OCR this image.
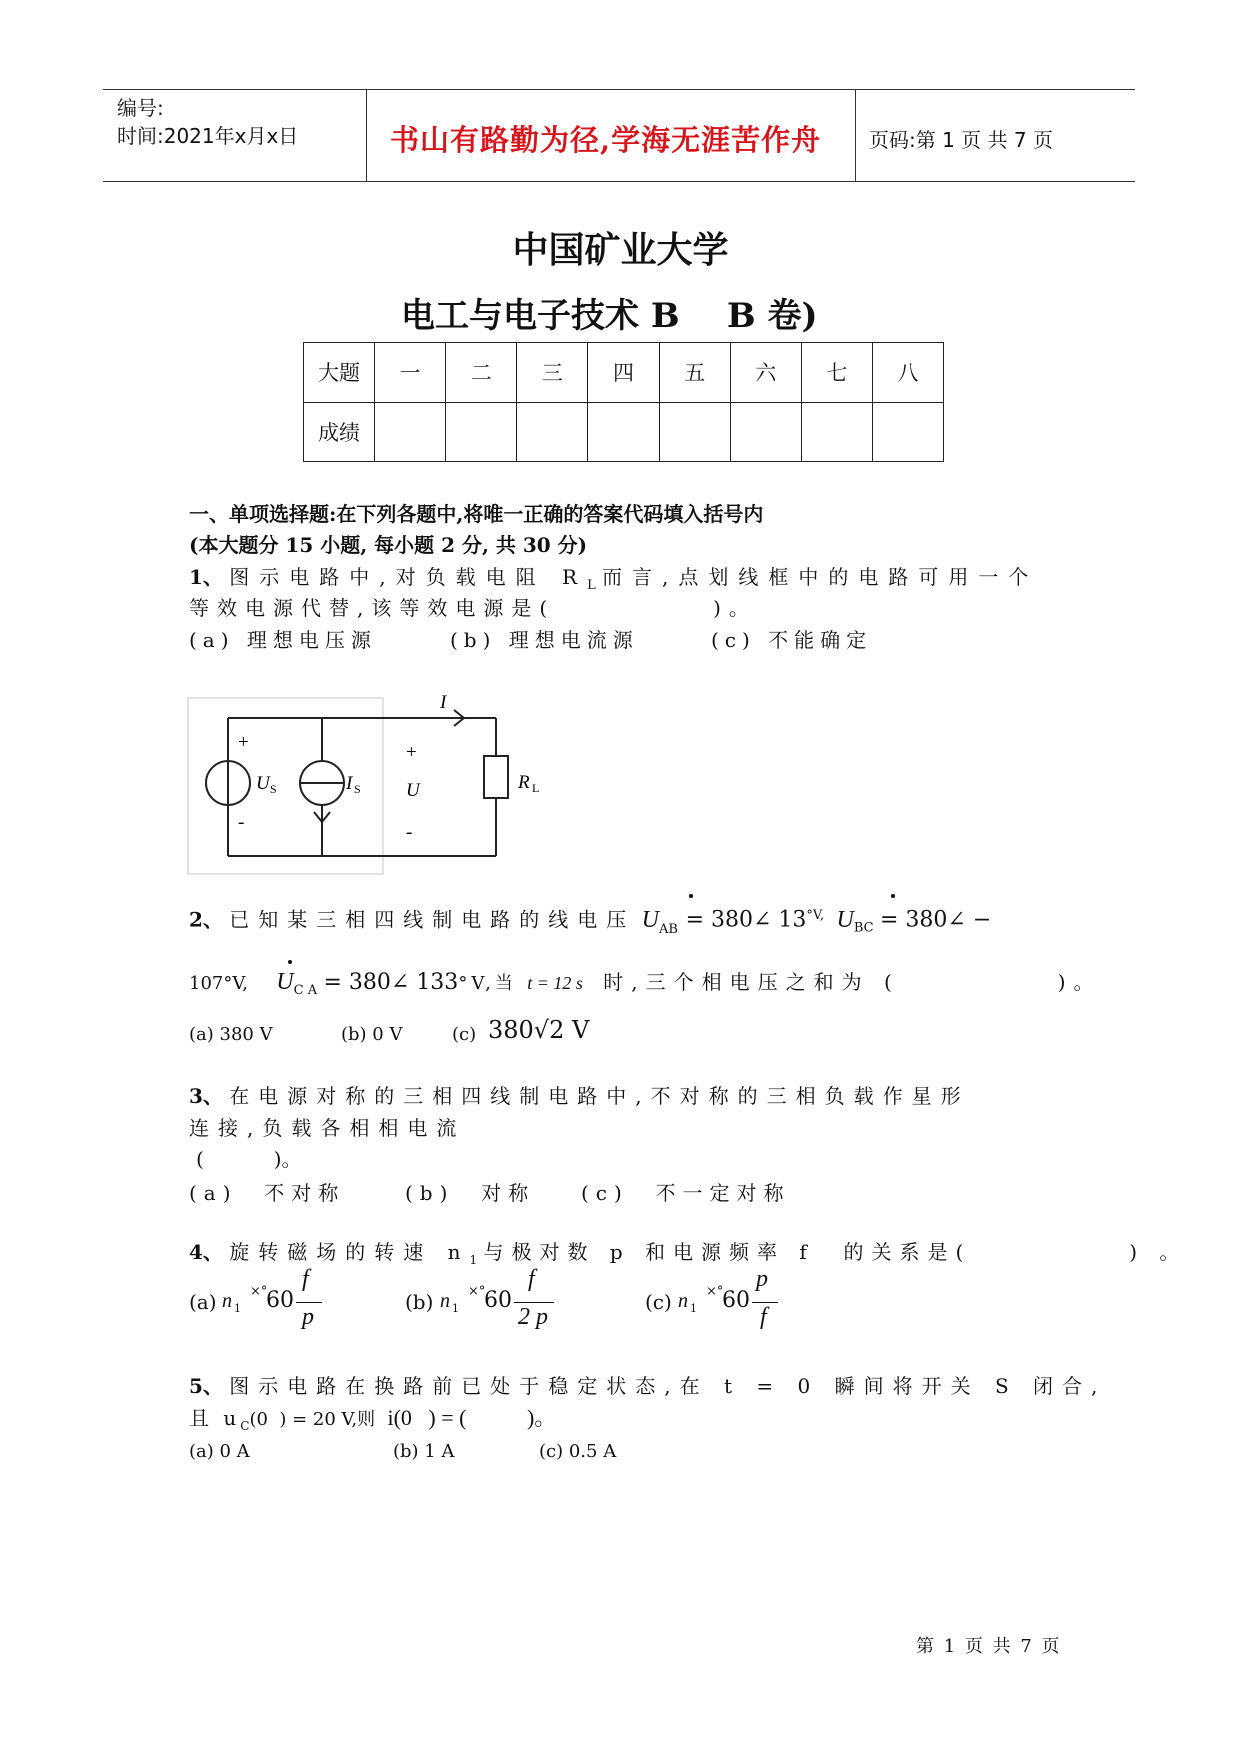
编号:
时间:2021年x月x日	书山有路勤为径,学海无涯苦作舟 页码:第 1 页 共 7 页
中国矿业大学
电工与电子技术 B    B 卷)
大题	一	二	三	四	五	六	七	八
成绩								
一、单项选择题:在下列各题中,将唯一正确的答案代码填入括号内
(本大题分 15 小题, 每小题 2 分, 共 30 分)
1、 图示电路中,对负载电阻 $R_L$ 而言,点划线框中的电路可用一个
等效电源代替,该等效电源是(           )。
(a) 理想电压源	(b) 理想电流源	(c) 不能确定
I
+
-
U S	I S
+
U
-
R L
2、 已知某三相四线制电路的线电压 $U_{AB}$ = 380∠ $13^{^\circ V,}$ $U_{BC}$ = 380∠ −
107°V, $U_{C A}$ = 380∠ 133°V,当 t = 12 s 时,三个相电压之和为 (           )。
(a) 380 V	(b) 0 V	(c) 380√2 V
3、 在电源对称的三相四线制电路中,不对称的三相负载作星形
连接,负载各相相电流
(           )。
(a)  不对称	(b)  对称 (c)  不一定对称
4、 旋转磁场的转速 $n_1$ 与极对数 p 和电源频率 f  的关系是(           ) 。
(a) n 1
×°
60
f
p
(b) n 1
×°
60
f
2 p
(c) n 1
×°
60
p
f
5、 图示电路在换路前已处于稳定状态,在 t = 0 瞬间将开关 S 闭合,
且 $u_C(0$  ) = 20 V,则 i(0   ) = (           )。
(a) 0 A	(b) 1 A	(c) 0.5 A
第 1 页 共 7 页
